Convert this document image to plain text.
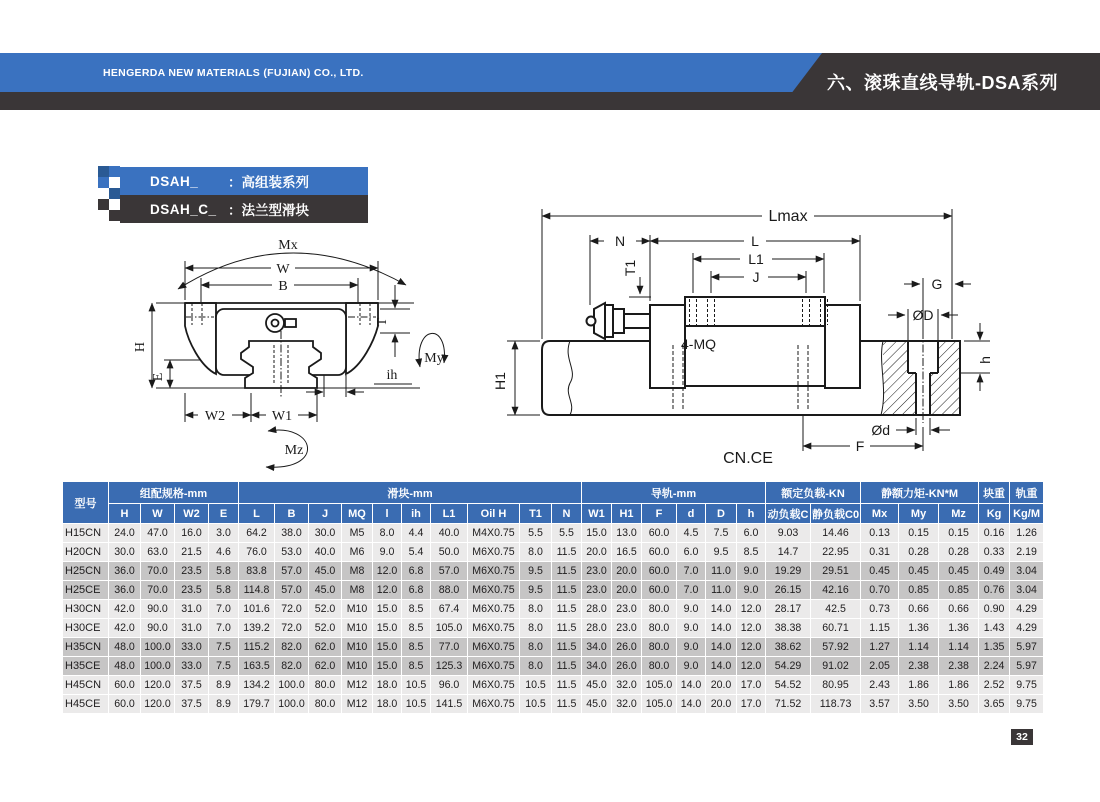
HENGERDA NEW MATERIALS (FUJIAN) CO., LTD.	六、滚珠直线导轨-DSA系列
DSAH_	：高组装系列
DSAH_C_ ：法兰型滑块
Mx
W
B
H
E
W2	W1
T
ih
My
Mz
Lmax
N	L
L1
J
T1
4-MQ
G
ØD
h
H1
Ød
F
CN.CE
型号	组配规格-mm				滑块-mm										导轨-mm						额定负载-KN		静额力矩-KN*M			块重	轨重
	H	W	W2	E	L	B	J	MQ	l	ih	L1	Oil H	T1	N	W1	H1	F	d	D	h	动负载C	静负载C0	Mx	My	Mz	Kg	Kg/M
H15CN	24.0	47.0	16.0	3.0	64.2	38.0	30.0	M5	8.0	4.4	40.0	M4X0.75	5.5	5.5	15.0	13.0	60.0	4.5	7.5	6.0	9.03	14.46	0.13	0.15	0.15	0.16	1.26
H20CN	30.0	63.0	21.5	4.6	76.0	53.0	40.0	M6	9.0	5.4	50.0	M6X0.75	8.0	11.5	20.0	16.5	60.0	6.0	9.5	8.5	14.7	22.95	0.31	0.28	0.28	0.33	2.19
H25CN	36.0	70.0	23.5	5.8	83.8	57.0	45.0	M8	12.0	6.8	57.0	M6X0.75	9.5	11.5	23.0	20.0	60.0	7.0	11.0	9.0	19.29	29.51	0.45	0.45	0.45	0.49	3.04
H25CE	36.0	70.0	23.5	5.8	114.8	57.0	45.0	M8	12.0	6.8	88.0	M6X0.75	9.5	11.5	23.0	20.0	60.0	7.0	11.0	9.0	26.15	42.16	0.70	0.85	0.85	0.76	3.04
H30CN	42.0	90.0	31.0	7.0	101.6	72.0	52.0	M10	15.0	8.5	67.4	M6X0.75	8.0	11.5	28.0	23.0	80.0	9.0	14.0	12.0	28.17	42.5	0.73	0.66	0.66	0.90	4.29
H30CE	42.0	90.0	31.0	7.0	139.2	72.0	52.0	M10	15.0	8.5	105.0	M6X0.75	8.0	11.5	28.0	23.0	80.0	9.0	14.0	12.0	38.38	60.71	1.15	1.36	1.36	1.43	4.29
H35CN	48.0	100.0	33.0	7.5	115.2	82.0	62.0	M10	15.0	8.5	77.0	M6X0.75	8.0	11.5	34.0	26.0	80.0	9.0	14.0	12.0	38.62	57.92	1.27	1.14	1.14	1.35	5.97
H35CE	48.0	100.0	33.0	7.5	163.5	82.0	62.0	M10	15.0	8.5	125.3	M6X0.75	8.0	11.5	34.0	26.0	80.0	9.0	14.0	12.0	54.29	91.02	2.05	2.38	2.38	2.24	5.97
H45CN	60.0	120.0	37.5	8.9	134.2	100.0	80.0	M12	18.0	10.5	96.0	M6X0.75	10.5	11.5	45.0	32.0	105.0	14.0	20.0	17.0	54.52	80.95	2.43	1.86	1.86	2.52	9.75
H45CE	60.0	120.0	37.5	8.9	179.7	100.0	80.0	M12	18.0	10.5	141.5	M6X0.75	10.5	11.5	45.0	32.0	105.0	14.0	20.0	17.0	71.52	118.73	3.57	3.50	3.50	3.65	9.75
32
